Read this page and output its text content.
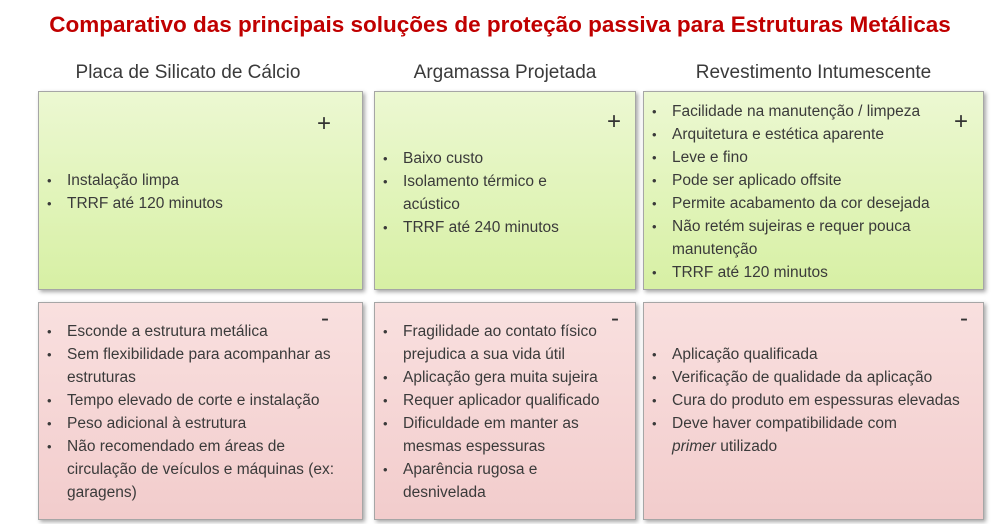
Comparativo das principais soluções de proteção passiva para Estruturas Metálicas
Placa de Silicato de Cálcio	Argamassa Projetada	Revestimento Intumescente
+
• Instalação limpa
• TRRF até 120 minutos
+
• Baixo custo
• Isolamento térmico e acústico
• TRRF até 240 minutos
+
• Facilidade na manutenção / limpeza
• Arquitetura e estética aparente
• Leve e fino
• Pode ser aplicado offsite
• Permite acabamento da cor desejada
• Não retém sujeiras e requer pouca manutenção
• TRRF até 120 minutos
-
• Esconde a estrutura metálica
• Sem flexibilidade para acompanhar as estruturas
• Tempo elevado de corte e instalação
• Peso adicional à estrutura
• Não recomendado em áreas de circulação de veículos e máquinas (ex: garagens)
-
• Fragilidade ao contato físico prejudica a sua vida útil
• Aplicação gera muita sujeira
• Requer aplicador qualificado
• Dificuldade em manter as mesmas espessuras
• Aparência rugosa e desnivelada
-
• Aplicação qualificada
• Verificação de qualidade da aplicação
• Cura do produto em espessuras elevadas
• Deve haver compatibilidade com
primer utilizado
